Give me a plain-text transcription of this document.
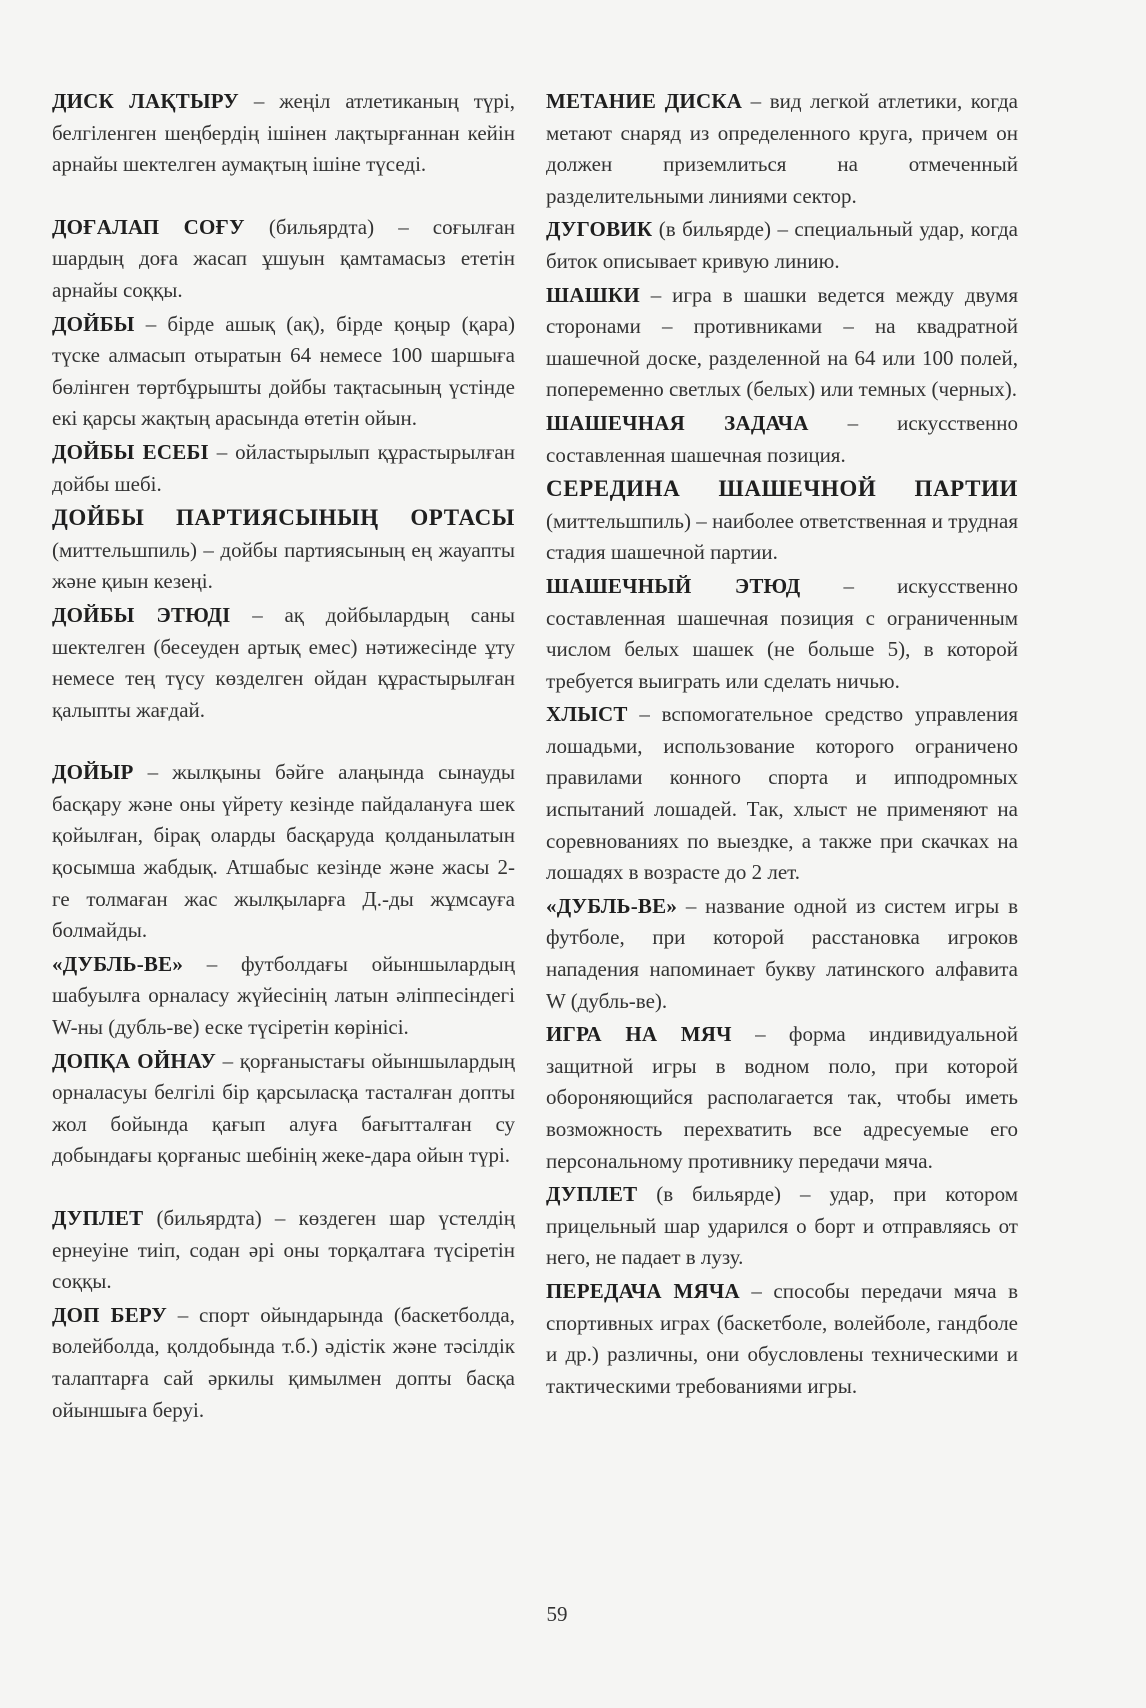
ДИСК ЛАҚТЫРУ – жеңіл атлетиканың түрі, белгіленген шеңбердің ішінен лақтырғаннан кейін арнайы шектелген аумақтың ішіне түседі.

ДОҒАЛАП СОҒУ (бильярдта) – соғылған шардың доға жасап ұшуын қамтамасыз ететін арнайы соққы.

ДОЙБЫ – бірде ашық (ақ), бірде қоңыр (қара) түске алмасып отыратын 64 немесе 100 шаршыға бөлінген төртбұрышты дойбы тақтасының үстінде екі қарсы жақтың арасында өтетін ойын.

ДОЙБЫ ЕСЕБІ – ойластырылып құрастырылған дойбы шебі.

ДОЙБЫ ПАРТИЯСЫНЫҢ ОРТАСЫ (миттельшпиль) – дойбы партиясының ең жауапты және қиын кезеңі.

ДОЙБЫ ЭТЮДІ – ақ дойбылардың саны шектелген (бесеуден артық емес) нәтижесінде ұту немесе тең түсу көзделген ойдан құрастырылған қалыпты жағдай.

ДОЙЫР – жылқыны бәйге алаңында сынауды басқару және оны үйрету кезінде пайдалануға шек қойылған, бірақ оларды басқаруда қолданылатын қосымша жабдық. Атшабыс кезінде және жасы 2-ге толмаған жас жылқыларға Д.-ды жұмсауға болмайды.

«ДУБЛЬ-ВЕ» – футболдағы ойыншылардың шабуылға орналасу жүйесінің латын әліппесіндегі W-ны (дубль-ве) еске түсіретін көрінісі.

ДОПҚА ОЙНАУ – қорғаныстағы ойыншылардың орналасуы белгілі бір қарсыласқа тасталған допты жол бойында қағып алуға бағытталған су добындағы қорғаныс шебінің жеке-дара ойын түрі.

ДУПЛЕТ (бильярдта) – көздеген шар үстелдің ернеуіне тиіп, содан әрі оны торқалтаға түсіретін соққы.

ДОП БЕРУ – спорт ойындарында (баскетболда, волейболда, қолдобында т.б.) әдістік және тәсілдік талаптарға сай әркилы қимылмен допты басқа ойыншыға беруі.

МЕТАНИЕ ДИСКА – вид легкой атлетики, когда метают снаряд из определенного круга, причем он должен приземлиться на отмеченный разделительными линиями сектор.

ДУГОВИК (в бильярде) – специальный удар, когда биток описывает кривую линию.

ШАШКИ – игра в шашки ведется между двумя сторонами – противниками – на квадратной шашечной доске, разделенной на 64 или 100 полей, попеременно светлых (белых) или темных (черных).

ШАШЕЧНАЯ ЗАДАЧА – искусственно составленная шашечная позиция.

СЕРЕДИНА ШАШЕЧНОЙ ПАРТИИ (миттельшпиль) – наиболее ответственная и трудная стадия шашечной партии.

ШАШЕЧНЫЙ ЭТЮД – искусственно составленная шашечная позиция с ограниченным числом белых шашек (не больше 5), в которой требуется выиграть или сделать ничью.

ХЛЫСТ – вспомогательное средство управления лошадьми, использование которого ограничено правилами конного спорта и ипподромных испытаний лошадей. Так, хлыст не применяют на соревнованиях по выездке, а также при скачках на лошадях в возрасте до 2 лет.

«ДУБЛЬ-ВЕ» – название одной из систем игры в футболе, при которой расстановка игроков нападения напоминает букву латинского алфавита W (дубль-ве).

ИГРА НА МЯЧ – форма индивидуальной защитной игры в водном поло, при которой обороняющийся располагается так, чтобы иметь возможность перехватить все адресуемые его персональному противнику передачи мяча.

ДУПЛЕТ (в бильярде) – удар, при котором прицельный шар ударился о борт и отправляясь от него, не падает в лузу.

ПЕРЕДАЧА МЯЧА – способы передачи мяча в спортивных играх (баскетболе, волейболе, гандболе и др.) различны, они обусловлены техническими и тактическими требованиями игры.

59
